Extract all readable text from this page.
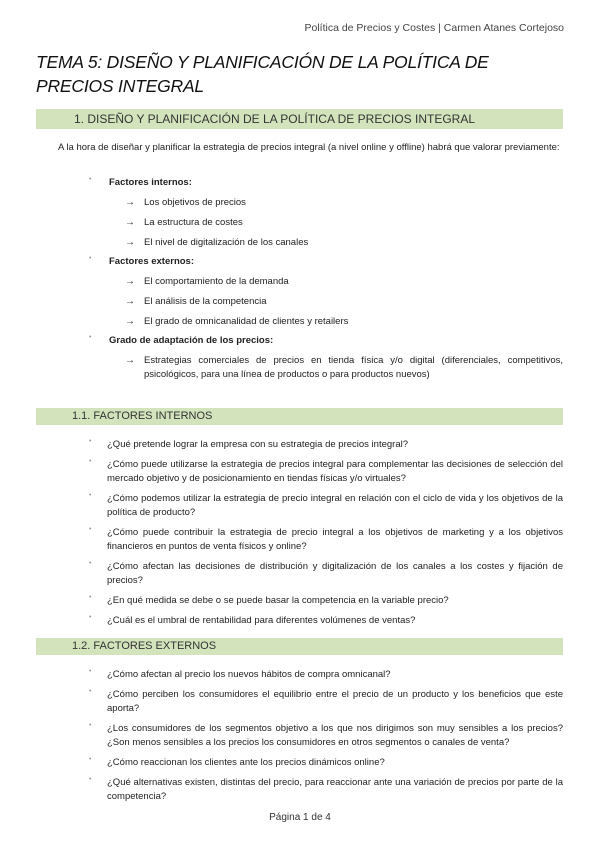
Política de Precios y Costes | Carmen Atanes Cortejoso
TEMA 5: DISEÑO Y PLANIFICACIÓN DE LA POLÍTICA DE PRECIOS INTEGRAL
1. DISEÑO Y PLANIFICACIÓN DE LA POLÍTICA DE PRECIOS INTEGRAL
A la hora de diseñar y planificar la estrategia de precios integral (a nivel online y offline) habrá que valorar previamente:
• Factores internos:
→ Los objetivos de precios
→ La estructura de costes
→ El nivel de digitalización de los canales
• Factores externos:
→ El comportamiento de la demanda
→ El análisis de la competencia
→ El grado de omnicanalidad de clientes y retailers
• Grado de adaptación de los precios:
→ Estrategias comerciales de precios en tienda física y/o digital (diferenciales, competitivos, psicológicos, para una línea de productos o para productos nuevos)
1.1. FACTORES INTERNOS
• ¿Qué pretende lograr la empresa con su estrategia de precios integral?
• ¿Cómo puede utilizarse la estrategia de precios integral para complementar las decisiones de selección del mercado objetivo y de posicionamiento en tiendas físicas y/o virtuales?
• ¿Cómo podemos utilizar la estrategia de precio integral en relación con el ciclo de vida y los objetivos de la política de producto?
• ¿Cómo puede contribuir la estrategia de precio integral a los objetivos de marketing y a los objetivos financieros en puntos de venta físicos y online?
• ¿Cómo afectan las decisiones de distribución y digitalización de los canales a los costes y fijación de precios?
• ¿En qué medida se debe o se puede basar la competencia en la variable precio?
• ¿Cuál es el umbral de rentabilidad para diferentes volúmenes de ventas?
1.2. FACTORES EXTERNOS
• ¿Cómo afectan al precio los nuevos hábitos de compra omnicanal?
• ¿Cómo perciben los consumidores el equilibrio entre el precio de un producto y los beneficios que este aporta?
• ¿Los consumidores de los segmentos objetivo a los que nos dirigimos son muy sensibles a los precios? ¿Son menos sensibles a los precios los consumidores en otros segmentos o canales de venta?
• ¿Cómo reaccionan los clientes ante los precios dinámicos online?
• ¿Qué alternativas existen, distintas del precio, para reaccionar ante una variación de precios por parte de la competencia?
Página 1 de 4
